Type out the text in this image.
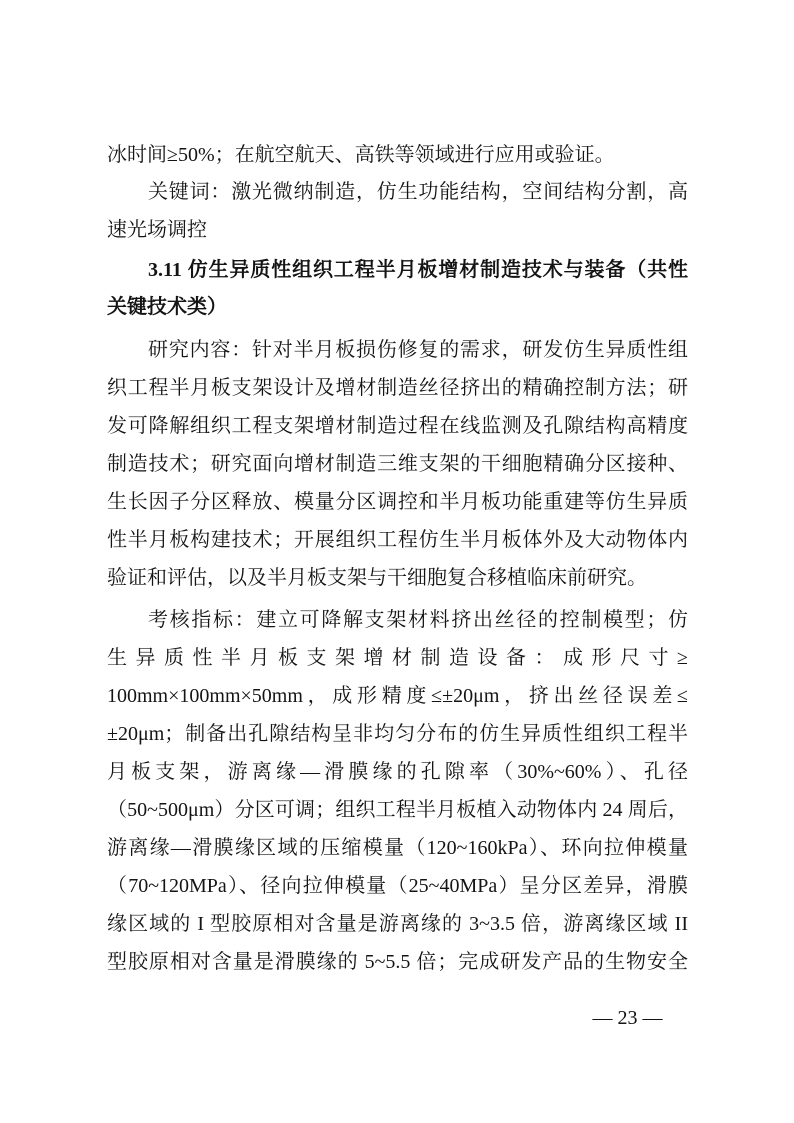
冰时间≥50%；在航空航天、高铁等领域进行应用或验证。
关键词：激光微纳制造，仿生功能结构，空间结构分割，高
速光场调控
3.11 仿生异质性组织工程半月板增材制造技术与装备（共性
关键技术类）
研究内容：针对半月板损伤修复的需求，研发仿生异质性组
织工程半月板支架设计及增材制造丝径挤出的精确控制方法；研
发可降解组织工程支架增材制造过程在线监测及孔隙结构高精度
制造技术；研究面向增材制造三维支架的干细胞精确分区接种、
生长因子分区释放、模量分区调控和半月板功能重建等仿生异质
性半月板构建技术；开展组织工程仿生半月板体外及大动物体内
验证和评估，以及半月板支架与干细胞复合移植临床前研究。
考核指标：建立可降解支架材料挤出丝径的控制模型；仿
生异质性半月板支架增材制造设备：成形尺寸≥
100mm×100mm×50mm，成形精度≤±20μm，挤出丝径误差≤
±20μm；制备出孔隙结构呈非均匀分布的仿生异质性组织工程半
月板支架，游离缘—滑膜缘的孔隙率（30%~60%）、孔径
（50~500μm）分区可调；组织工程半月板植入动物体内 24 周后，
游离缘—滑膜缘区域的压缩模量（120~160kPa）、环向拉伸模量
（70~120MPa）、径向拉伸模量（25~40MPa）呈分区差异，滑膜
缘区域的 I 型胶原相对含量是游离缘的 3~3.5 倍，游离缘区域 II
型胶原相对含量是滑膜缘的 5~5.5 倍；完成研发产品的生物安全
— 23 —
